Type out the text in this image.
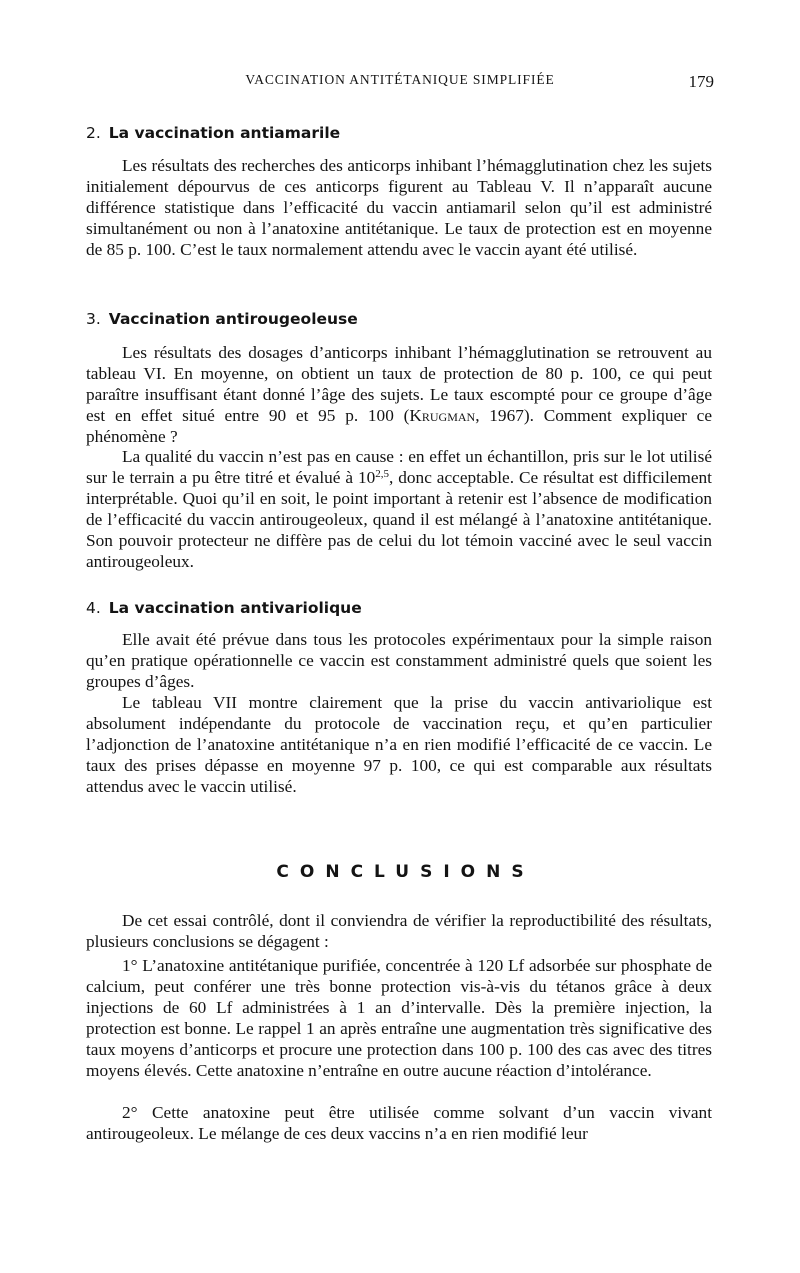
VACCINATION ANTITÉTANIQUE SIMPLIFIÉE	179
2. La vaccination antiamarile

Les résultats des recherches des anticorps inhibant l’hémagglutination chez les sujets initialement dépourvus de ces anticorps figurent au Tableau V. Il n’apparaît aucune différence statistique dans l’efficacité du vaccin antiamaril selon qu’il est administré simultanément ou non à l’anatoxine antitétanique. Le taux de protection est en moyenne de 85 p. 100. C’est le taux normalement attendu avec le vaccin ayant été utilisé.

3. Vaccination antirougeoleuse

Les résultats des dosages d’anticorps inhibant l’hémagglutination se retrouvent au tableau VI. En moyenne, on obtient un taux de protection de 80 p. 100, ce qui peut paraître insuffisant étant donné l’âge des sujets. Le taux escompté pour ce groupe d’âge est en effet situé entre 90 et 95 p. 100 (Krugman, 1967). Comment expliquer ce phénomène ?

La qualité du vaccin n’est pas en cause : en effet un échantillon, pris sur le lot utilisé sur le terrain a pu être titré et évalué à 10$^{2,5}$, donc acceptable. Ce résultat est difficilement interprétable. Quoi qu’il en soit, le point important à retenir est l’absence de modification de l’efficacité du vaccin antirougeoleux, quand il est mélangé à l’anatoxine antitétanique. Son pouvoir protecteur ne diffère pas de celui du lot témoin vacciné avec le seul vaccin antirougeoleux.

4. La vaccination antivariolique

Elle avait été prévue dans tous les protocoles expérimentaux pour la simple raison qu’en pratique opérationnelle ce vaccin est constamment administré quels que soient les groupes d’âges.

Le tableau VII montre clairement que la prise du vaccin antivariolique est absolument indépendante du protocole de vaccination reçu, et qu’en particulier l’adjonction de l’anatoxine antitétanique n’a en rien modifié l’efficacité de ce vaccin. Le taux des prises dépasse en moyenne 97 p. 100, ce qui est comparable aux résultats attendus avec le vaccin utilisé.

CONCLUSIONS

De cet essai contrôlé, dont il conviendra de vérifier la reproductibilité des résultats, plusieurs conclusions se dégagent :

1° L’anatoxine antitétanique purifiée, concentrée à 120 Lf adsorbée sur phosphate de calcium, peut conférer une très bonne protection vis-à-vis du tétanos grâce à deux injections de 60 Lf administrées à 1 an d’intervalle. Dès la première injection, la protection est bonne. Le rappel 1 an après entraîne une augmentation très significative des taux moyens d’anticorps et procure une protection dans 100 p. 100 des cas avec des titres moyens élevés. Cette anatoxine n’entraîne en outre aucune réaction d’intolérance.

2° Cette anatoxine peut être utilisée comme solvant d’un vaccin vivant antirougeoleux. Le mélange de ces deux vaccins n’a en rien modifié leur
